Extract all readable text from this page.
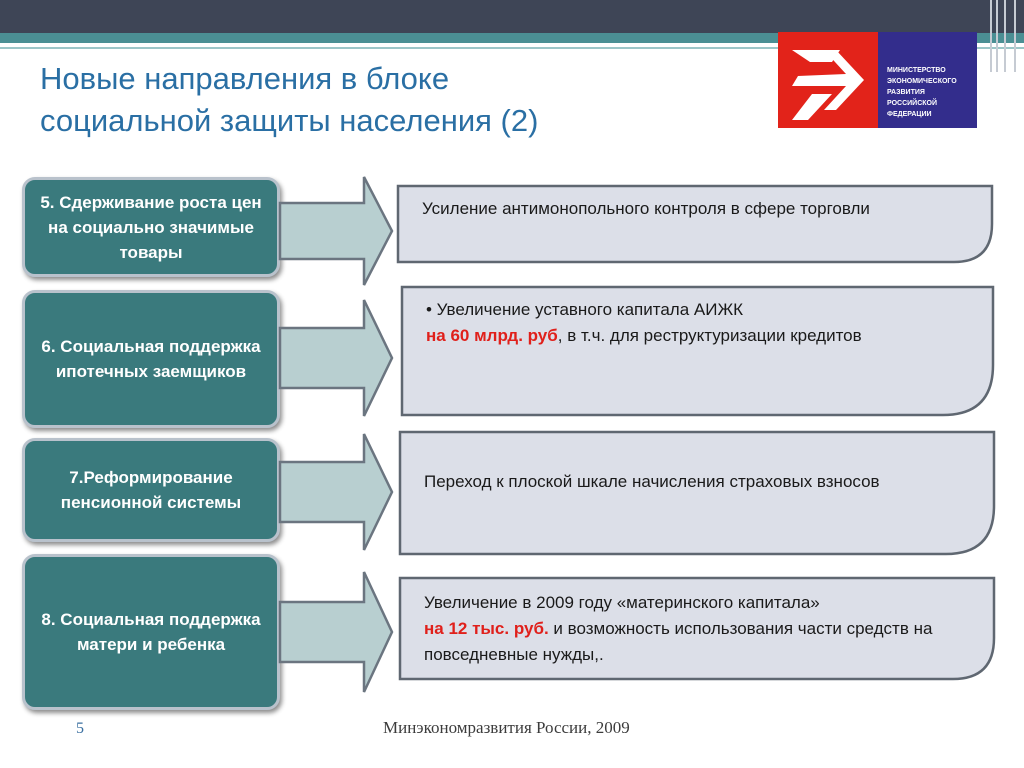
Новые направления в блоке
социальной защиты населения (2)
МИНИСТЕРСТВО
ЭКОНОМИЧЕСКОГО
РАЗВИТИЯ
РОССИЙСКОЙ
ФЕДЕРАЦИИ
5. Сдерживание роста цен на социально значимые товары
Усиление антимонопольного контроля в сфере торговли
6. Социальная поддержка ипотечных заемщиков
• Увеличение уставного капитала АИЖК
на 60 млрд. руб, в т.ч. для реструктуризации кредитов
7.Реформирование пенсионной системы
Переход к плоской шкале начисления страховых взносов
8. Социальная поддержка матери и ребенка
Увеличение в 2009 году «материнского капитала»
на 12 тыс. руб. и возможность использования части средств на повседневные нужды,.
5	Минэкономразвития России, 2009
